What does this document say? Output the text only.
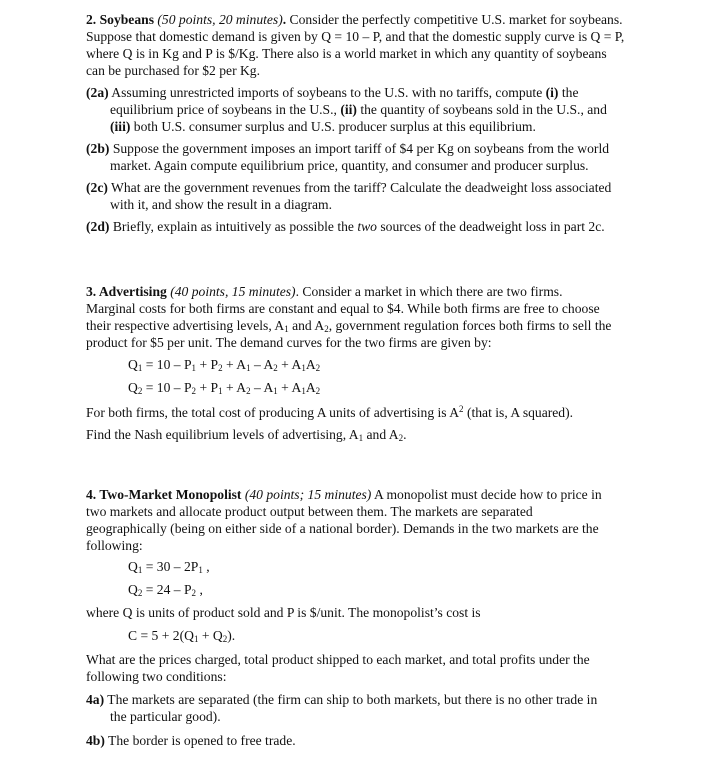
2. Soybeans (50 points, 20 minutes). Consider the perfectly competitive U.S. market for soybeans.
Suppose that domestic demand is given by Q = 10 – P, and that the domestic supply curve is Q = P,
where Q is in Kg and P is $/Kg. There also is a world market in which any quantity of soybeans
can be purchased for $2 per Kg.
(2a) Assuming unrestricted imports of soybeans to the U.S. with no tariffs, compute (i) the
equilibrium price of soybeans in the U.S., (ii) the quantity of soybeans sold in the U.S., and
(iii) both U.S. consumer surplus and U.S. producer surplus at this equilibrium.
(2b) Suppose the government imposes an import tariff of $4 per Kg on soybeans from the world
market. Again compute equilibrium price, quantity, and consumer and producer surplus.
(2c) What are the government revenues from the tariff? Calculate the deadweight loss associated
with it, and show the result in a diagram.
(2d) Briefly, explain as intuitively as possible the two sources of the deadweight loss in part 2c.
3. Advertising (40 points, 15 minutes). Consider a market in which there are two firms.
Marginal costs for both firms are constant and equal to $4. While both firms are free to choose
their respective advertising levels, $A_1$ and $A_2$, government regulation forces both firms to sell the
product for $5 per unit. The demand curves for the two firms are given by:
$Q_1 = 10 - P_1 + P_2 + A_1 - A_2 + A_1A_2$
$Q_2 = 10 - P_2 + P_1 + A_2 - A_1 + A_1A_2$
For both firms, the total cost of producing A units of advertising is $A^2$ (that is, A squared).
Find the Nash equilibrium levels of advertising, $A_1$ and $A_2$.
4. Two-Market Monopolist (40 points; 15 minutes) A monopolist must decide how to price in
two markets and allocate product output between them. The markets are separated
geographically (being on either side of a national border). Demands in the two markets are the
following:
$Q_1 = 30 - 2P_1$ ,
$Q_2 = 24 - P_2$ ,
where Q is units of product sold and P is $/unit. The monopolist’s cost is
$C = 5 + 2(Q_1 + Q_2)$.
What are the prices charged, total product shipped to each market, and total profits under the
following two conditions:
4a) The markets are separated (the firm can ship to both markets, but there is no other trade in
the particular good).
4b) The border is opened to free trade.
